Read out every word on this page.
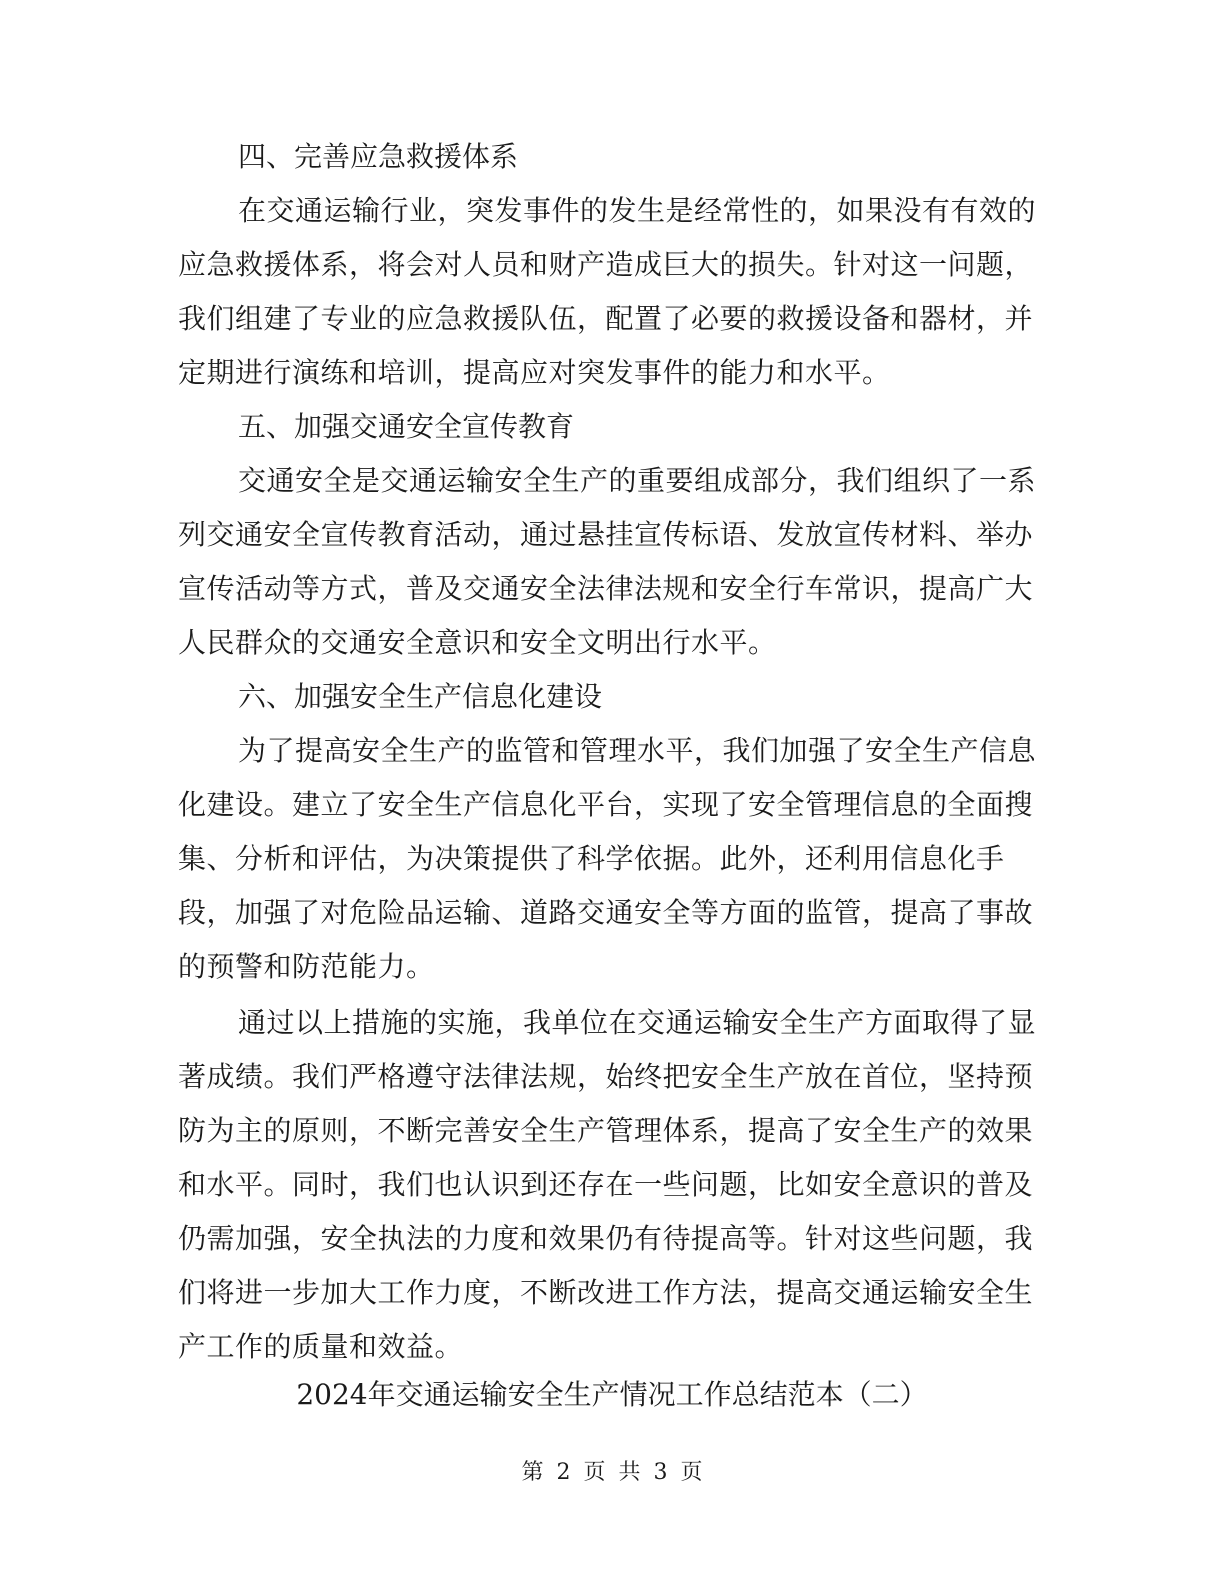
四、完善应急救援体系
在交通运输行业，突发事件的发生是经常性的，如果没有有效的
应急救援体系，将会对人员和财产造成巨大的损失。针对这一问题，
我们组建了专业的应急救援队伍，配置了必要的救援设备和器材，并
定期进行演练和培训，提高应对突发事件的能力和水平。
五、加强交通安全宣传教育
交通安全是交通运输安全生产的重要组成部分，我们组织了一系
列交通安全宣传教育活动，通过悬挂宣传标语、发放宣传材料、举办
宣传活动等方式，普及交通安全法律法规和安全行车常识，提高广大
人民群众的交通安全意识和安全文明出行水平。
六、加强安全生产信息化建设
为了提高安全生产的监管和管理水平，我们加强了安全生产信息
化建设。建立了安全生产信息化平台，实现了安全管理信息的全面搜
集、分析和评估，为决策提供了科学依据。此外，还利用信息化手
段，加强了对危险品运输、道路交通安全等方面的监管，提高了事故
的预警和防范能力。
通过以上措施的实施，我单位在交通运输安全生产方面取得了显
著成绩。我们严格遵守法律法规，始终把安全生产放在首位，坚持预
防为主的原则，不断完善安全生产管理体系，提高了安全生产的效果
和水平。同时，我们也认识到还存在一些问题，比如安全意识的普及
仍需加强，安全执法的力度和效果仍有待提高等。针对这些问题，我
们将进一步加大工作力度，不断改进工作方法，提高交通运输安全生
产工作的质量和效益。
2024年交通运输安全生产情况工作总结范本（二）
第 2 页 共 3 页
